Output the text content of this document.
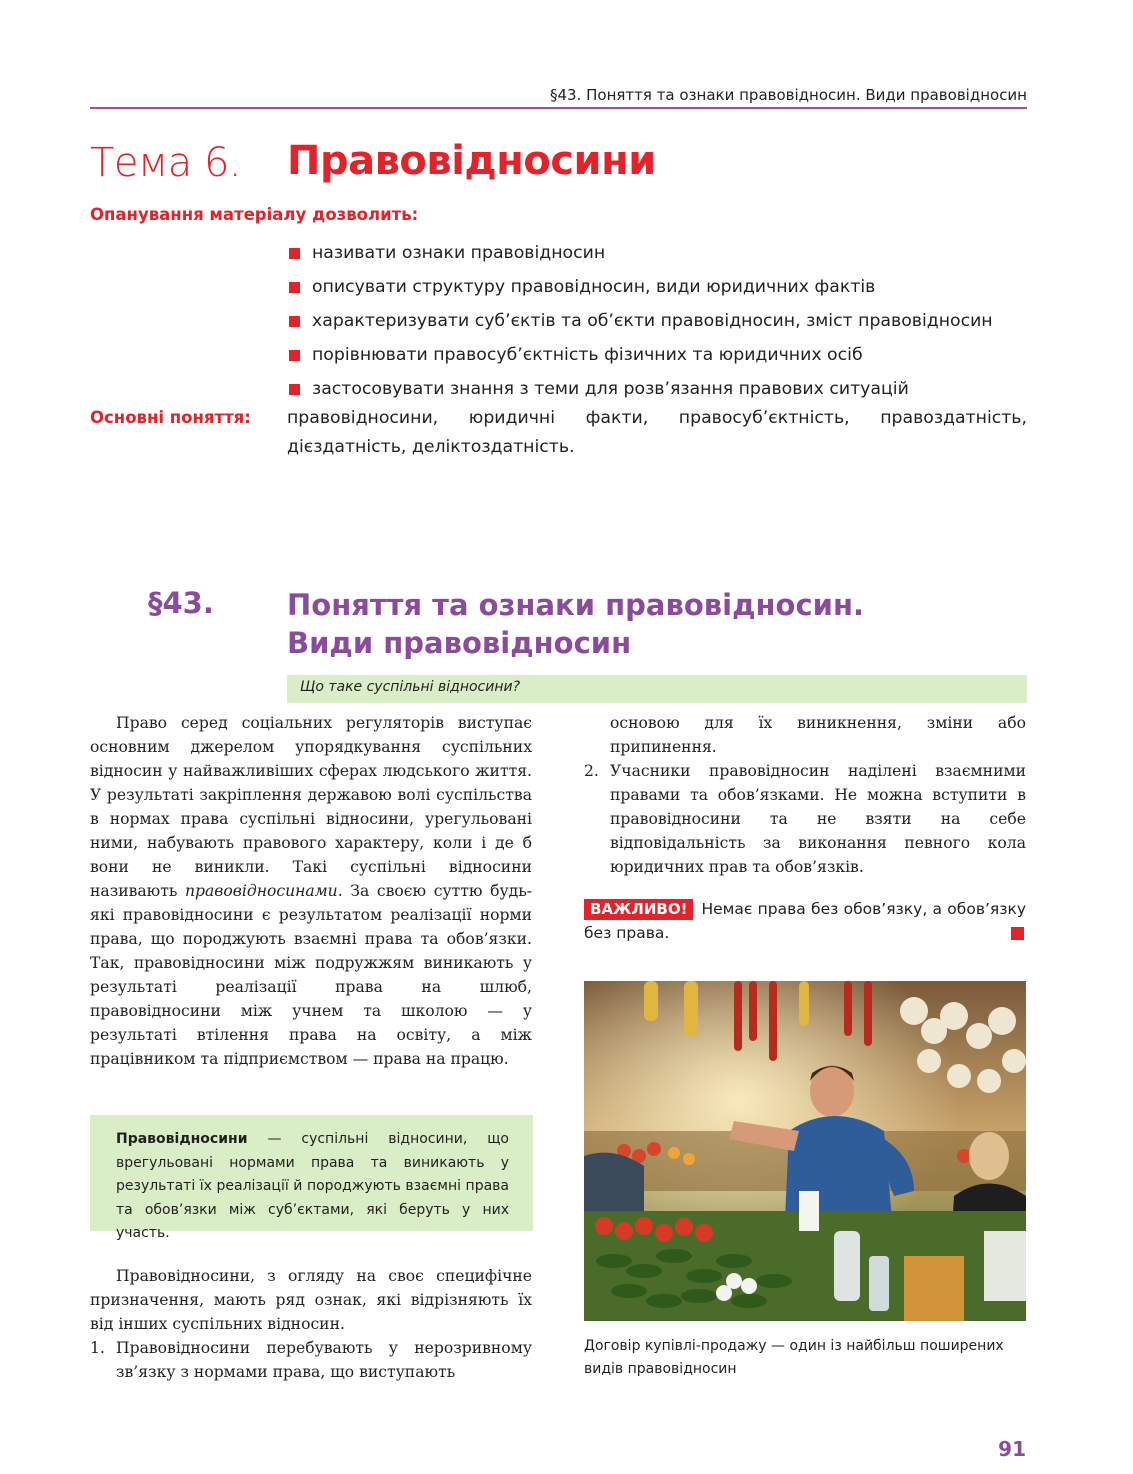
§43. Поняття та ознаки правовідносин. Види правовідносин
Тема 6. Правовідносини
Опанування матеріалу дозволить:
називати ознаки правовідносин
описувати структуру правовідносин, види юридичних фактів
характеризувати суб’єктів та об’єкти правовідносин, зміст правовідносин
порівнювати правосуб’єктність фізичних та юридичних осіб
застосовувати знання з теми для розв’язання правових ситуацій
Основні поняття: правовідносини, юридичні факти, правосуб’єктність, правоздатність, дієздатність, деліктоздатність.
§43.	Поняття та ознаки правовідносин.
Види правовідносин
Що таке суспільні відносини?

Право серед соціальних регуляторів виступає основним джерелом упорядкування суспільних відносин у найважливіших сферах людського життя. У результаті закріплення державою волі суспільства в нормах права суспільні відносини, урегульовані ними, набувають правового характеру, коли і де б вони не виникли. Такі суспільні відносини називають правовідносинами. За своєю суттю будь-які правовідносини є результатом реалізації норми права, що породжують взаємні права та обов’язки. Так, правовідносини між подружжям виникають у результаті реалізації права на шлюб, правовідносини між учнем та школою — у результаті втілення права на освіту, а між працівником та підприємством — права на працю.

Правовідносини — суспільні відносини, що врегульовані нормами права та виникають у результаті їх реалізації й породжують взаємні права та обов’язки між суб’єктами, які беруть у них участь.

Правовідносини, з огляду на своє специфічне призначення, мають ряд ознак, які відрізняють їх від інших суспільних відносин.

1. Правовідносини перебувають у нерозривному зв’язку з нормами права, що виступають
основою для їх виникнення, зміни або припинення.
2. Учасники правовідносин наділені взаємними правами та обов’язками. Не можна вступити в правовідносини та не взяти на себе відповідальність за виконання певного кола юридичних прав та обов’язків.
ВАЖЛИВО! Немає права без обов’язку, а обов’язку без права.
Договір купівлі-продажу — один із найбільш поширених видів правовідносин
91
